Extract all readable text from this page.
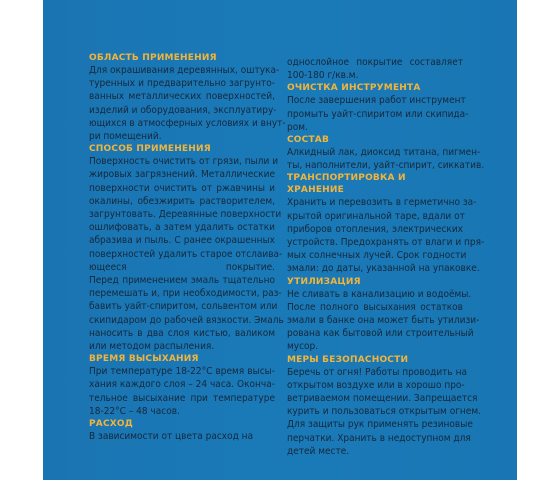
ОБЛАСТЬ ПРИМЕНЕНИЯ
Для окрашивания деревянных, оштука-
туренных и предварительно загрунто-
ванных металлических поверхностей,
изделий и оборудования, эксплуатиру-
ющихся в атмосферных условиях и внут-
ри помещений.
СПОСОБ ПРИМЕНЕНИЯ
Поверхность очистить от грязи, пыли и
жировых загрязнений. Металлические
поверхности очистить от ржавчины и
окалины, обезжирить растворителем,
загрунтовать. Деревянные поверхности
ошлифовать, а затем удалить остатки
абразива и пыль. С ранее окрашенных
поверхностей удалить старое отслаива-
ющееся покрытие.
Перед применением эмаль тщательно
перемешать и, при необходимости, раз-
бавить уайт-спиритом, сольвентом или
скипидаром до рабочей вязкости. Эмаль
наносить в два слоя кистью, валиком
или методом распыления.
ВРЕМЯ ВЫСЫХАНИЯ
При температуре 18-22°С время высы-
хания каждого слоя – 24 часа. Оконча-
тельное высыхание при температуре
18-22°С – 48 часов.
РАСХОД
В зависимости от цвета расход на
однослойное покрытие составляет
100-180 г/кв.м.
ОЧИСТКА ИНСТРУМЕНТА
После завершения работ инструмент
промыть уайт-спиритом или скипида-
ром.
СОСТАВ
Алкидный лак, диоксид титана, пигмен-
ты, наполнители, уайт-спирит, сиккатив.
ТРАНСПОРТИРОВКА И ХРАНЕНИЕ
Хранить и перевозить в герметично за-
крытой оригинальной таре, вдали от
приборов отопления, электрических
устройств. Предохранять от влаги и пря-
мых солнечных лучей. Срок годности
эмали: до даты, указанной на упаковке.
УТИЛИЗАЦИЯ
Не сливать в канализацию и водоёмы.
После полного высыхания остатков
эмали в банке она может быть утилизи-
рована как бытовой или строительный
мусор.
МЕРЫ БЕЗОПАСНОСТИ
Беречь от огня! Работы проводить на
открытом воздухе или в хорошо про-
ветриваемом помещении. Запрещается
курить и пользоваться открытым огнем.
Для защиты рук применять резиновые
перчатки. Хранить в недоступном для
детей месте.
